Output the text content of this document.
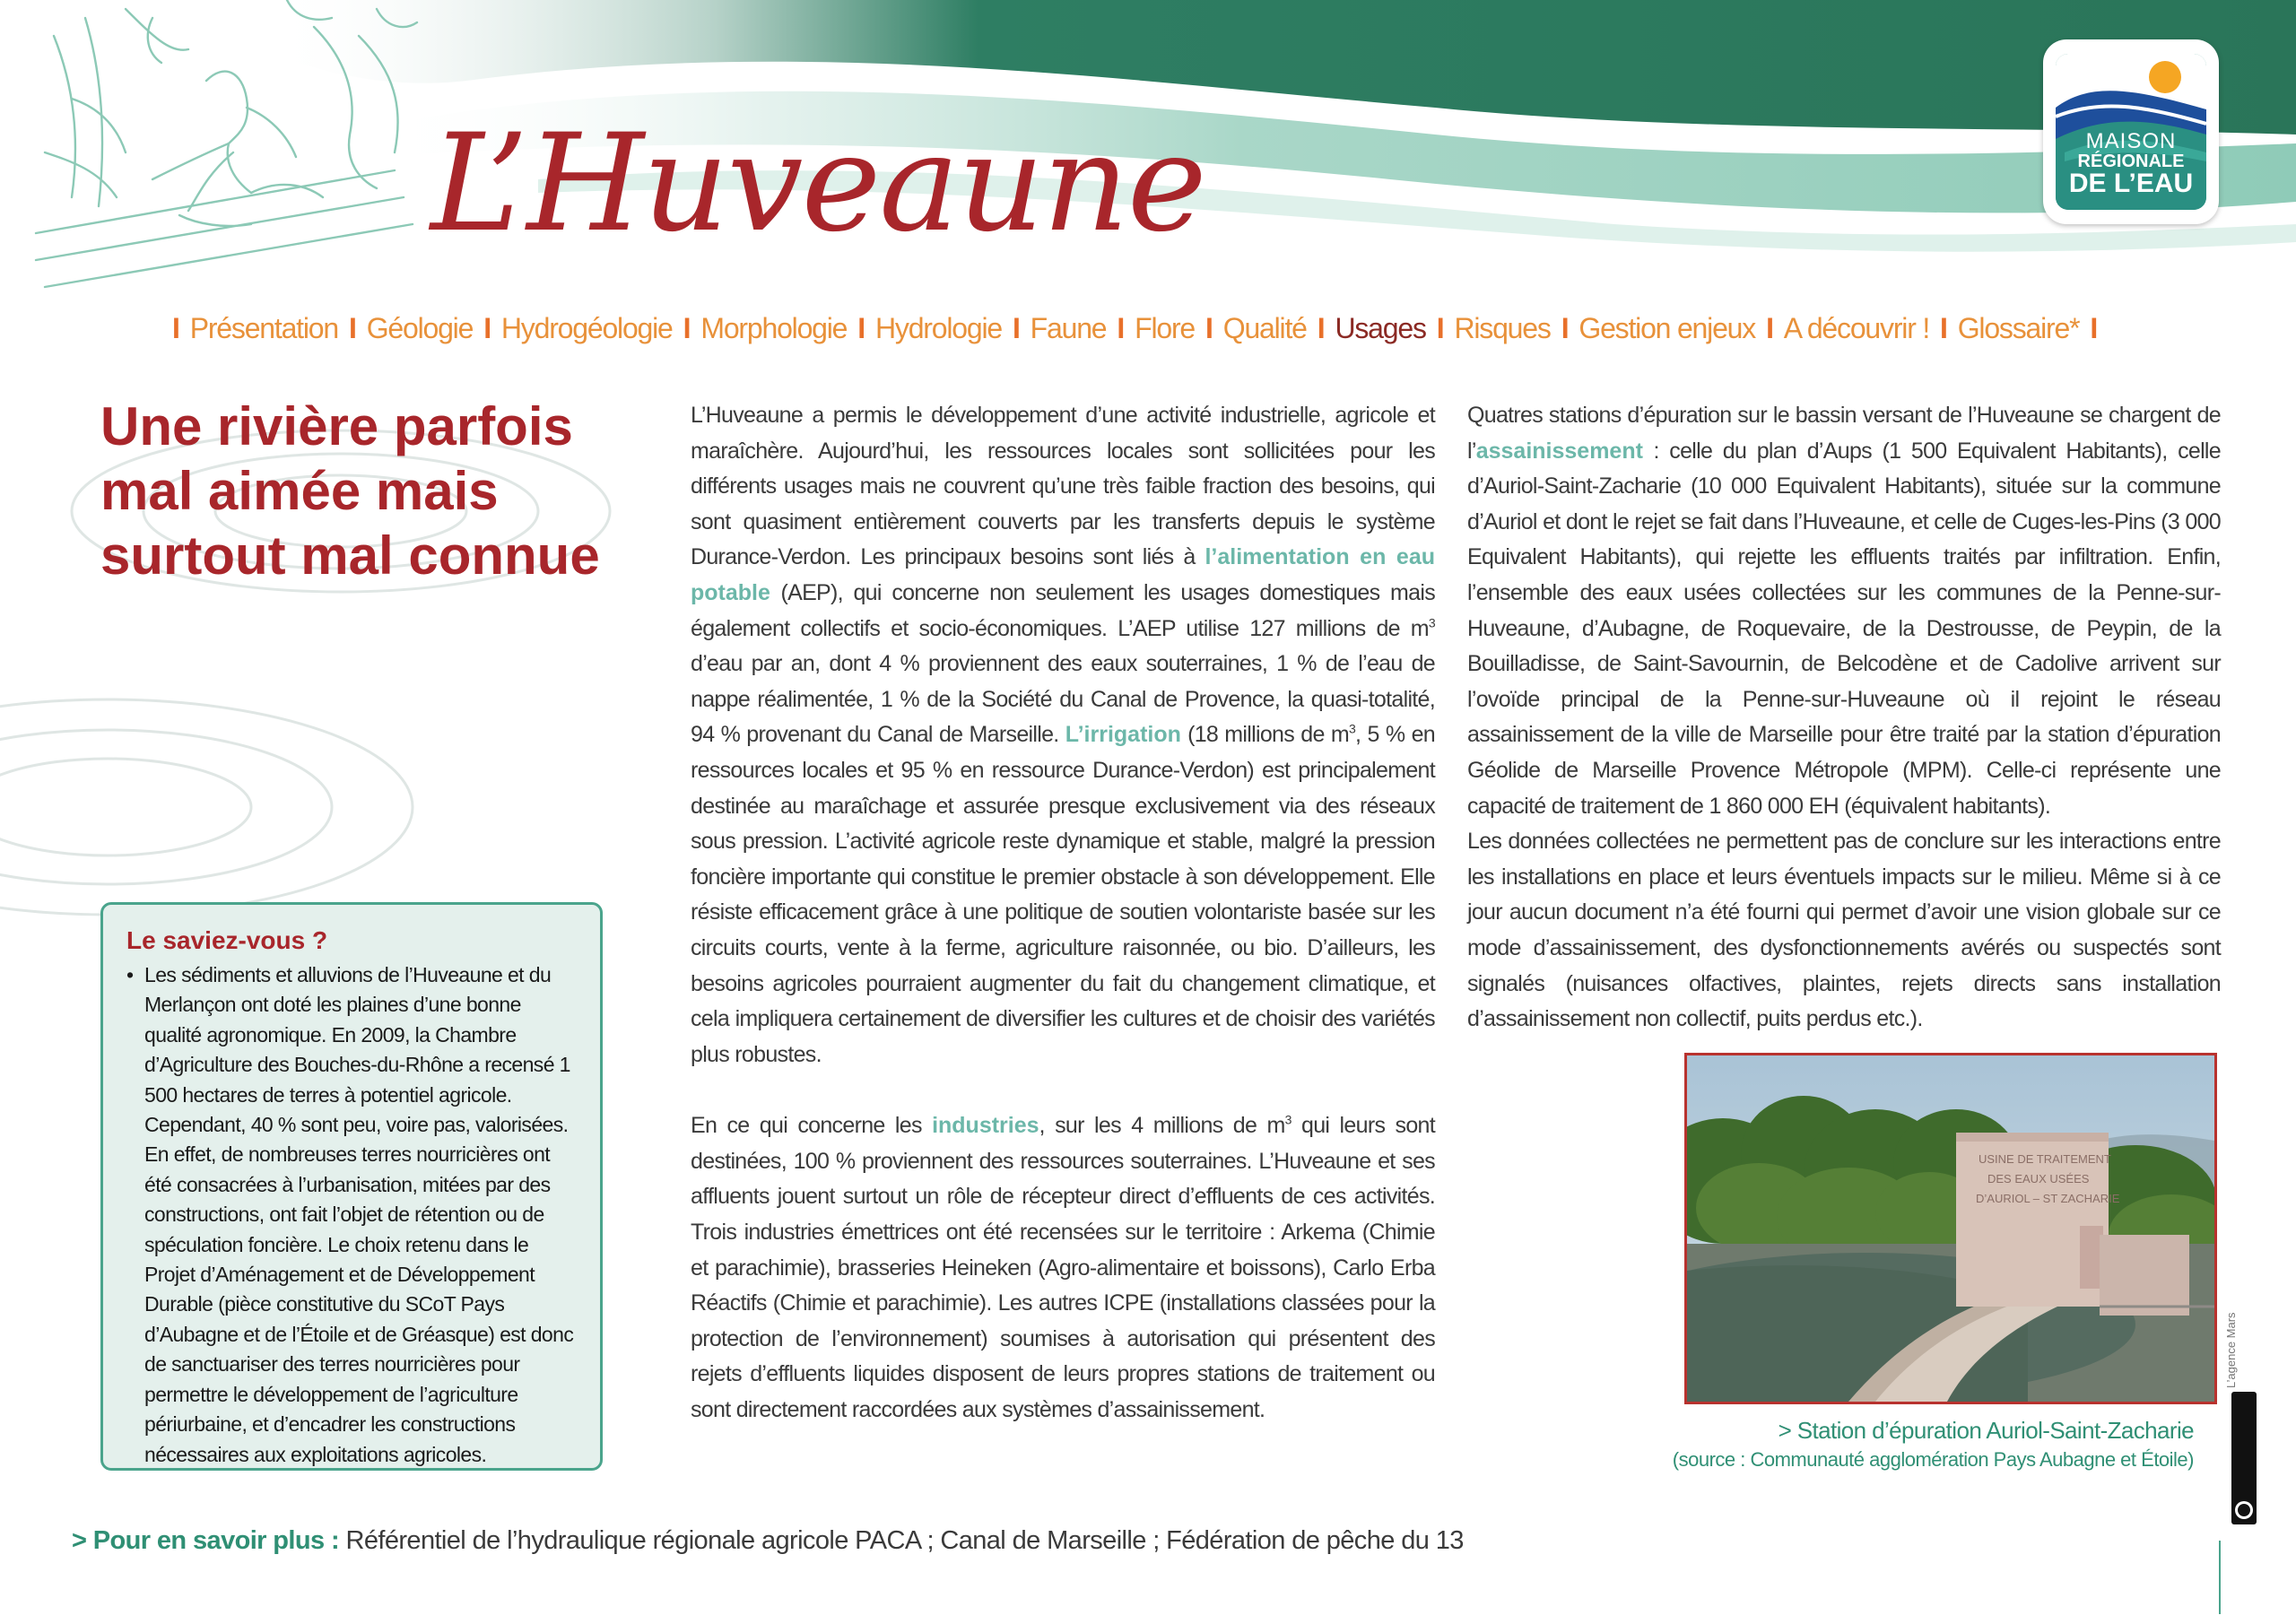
L’Huveaune	MAISON
RÉGIONALE
DE L’EAU
I Présentation I Géologie I Hydrogéologie I Morphologie I Hydrologie I Faune I Flore I Qualité I Usages I Risques I Gestion enjeux I A découvrir ! I Glossaire* I
Une rivière parfois mal aimée mais surtout mal connue
Le saviez-vous ?
• Les sédiments et alluvions de l’Huveaune et du Merlançon ont doté les plaines d’une bonne qualité agronomique. En 2009, la Chambre d’Agriculture des Bouches-du-Rhône a recensé 1 500 hectares de terres à potentiel agricole. Cependant, 40 % sont peu, voire pas, valorisées. En effet, de nombreuses terres nourricières ont été consacrées à l’urbanisation, mitées par des constructions, ont fait l’objet de rétention ou de spéculation foncière. Le choix retenu dans le Projet d’Aménagement et de Développement Durable (pièce constitutive du SCoT Pays d’Aubagne et de l’Étoile et de Gréasque) est donc de sanctuariser des terres nourricières pour permettre le développement de l’agriculture périurbaine, et d’encadrer les constructions nécessaires aux exploitations agricoles.

L’Huveaune a permis le développement d’une activité industrielle, agricole et maraîchère. Aujourd’hui, les ressources locales sont sollicitées pour les différents usages mais ne couvrent qu’une très faible fraction des besoins, qui sont quasiment entièrement couverts par les transferts depuis le système Durance-Verdon. Les principaux besoins sont liés à l’alimentation en eau potable (AEP), qui concerne non seulement les usages domestiques mais également collectifs et socio-économiques. L’AEP utilise 127 millions de $m^3$ d’eau par an, dont 4 % proviennent des eaux souterraines, 1 % de l’eau de nappe réalimentée, 1 % de la Société du Canal de Provence, la quasi-totalité, 94 % provenant du Canal de Marseille. L’irrigation (18 millions de $m^3$, 5 % en ressources locales et 95 % en ressource Durance-Verdon) est principalement destinée au maraîchage et assurée presque exclusivement via des réseaux sous pression. L’activité agricole reste dynamique et stable, malgré la pression foncière importante qui constitue le premier obstacle à son développement. Elle résiste efficacement grâce à une politique de soutien volontariste basée sur les circuits courts, vente à la ferme, agriculture raisonnée, ou bio. D’ailleurs, les besoins agricoles pourraient augmenter du fait du changement climatique, et cela impliquera certainement de diversifier les cultures et de choisir des variétés plus robustes.

En ce qui concerne les industries, sur les 4 millions de $m^3$ qui leurs sont destinées, 100 % proviennent des ressources souterraines. L’Huveaune et ses affluents jouent surtout un rôle de récepteur direct d’effluents de ces activités. Trois industries émettrices ont été recensées sur le territoire : Arkema (Chimie et parachimie), brasseries Heineken (Agro-alimentaire et boissons), Carlo Erba Réactifs (Chimie et parachimie). Les autres ICPE (installations classées pour la protection de l’environnement) soumises à autorisation qui présentent des rejets d’effluents liquides disposent de leurs propres stations de traitement ou sont directement raccordées aux systèmes d’assainissement.

Quatres stations d’épuration sur le bassin versant de l’Huveaune se chargent de l’assainissement : celle du plan d’Aups (1 500 Equivalent Habitants), celle d’Auriol-Saint-Zacharie (10 000 Equivalent Habitants), située sur la commune d’Auriol et dont le rejet se fait dans l’Huveaune, et celle de Cuges-les-Pins (3 000 Equivalent Habitants), qui rejette les effluents traités par infiltration. Enfin, l’ensemble des eaux usées collectées sur les communes de la Penne-sur-Huveaune, d’Aubagne, de Roquevaire, de la Destrousse, de Peypin, de la Bouilladisse, de Saint-Savournin, de Belcodène et de Cadolive arrivent sur l’ovoïde principal de la Penne-sur-Huveaune où il rejoint le réseau assainissement de la ville de Marseille pour être traité par la station d’épuration Géolide de Marseille Provence Métropole (MPM). Celle-ci représente une capacité de traitement de 1 860 000 EH (équivalent habitants).

Les données collectées ne permettent pas de conclure sur les interactions entre les installations en place et leurs éventuels impacts sur le milieu. Même si à ce jour aucun document n’a été fourni qui permet d’avoir une vision globale sur ce mode d’assainissement, des dysfonctionnements avérés ou suspectés sont signalés (nuisances olfactives, plaintes, rejets directs sans installation d’assainissement non collectif, puits perdus etc.).

USINE DE TRAITEMENT
DES EAUX USÉES
D’AURIOL – ST ZACHARIE
> Station d’épuration Auriol-Saint-Zacharie
(source : Communauté agglomération Pays Aubagne et Étoile)
L’agence Mars
BY-NC-ND
> Pour en savoir plus : Référentiel de l’hydraulique régionale agricole PACA ; Canal de Marseille ; Fédération de pêche du 13
